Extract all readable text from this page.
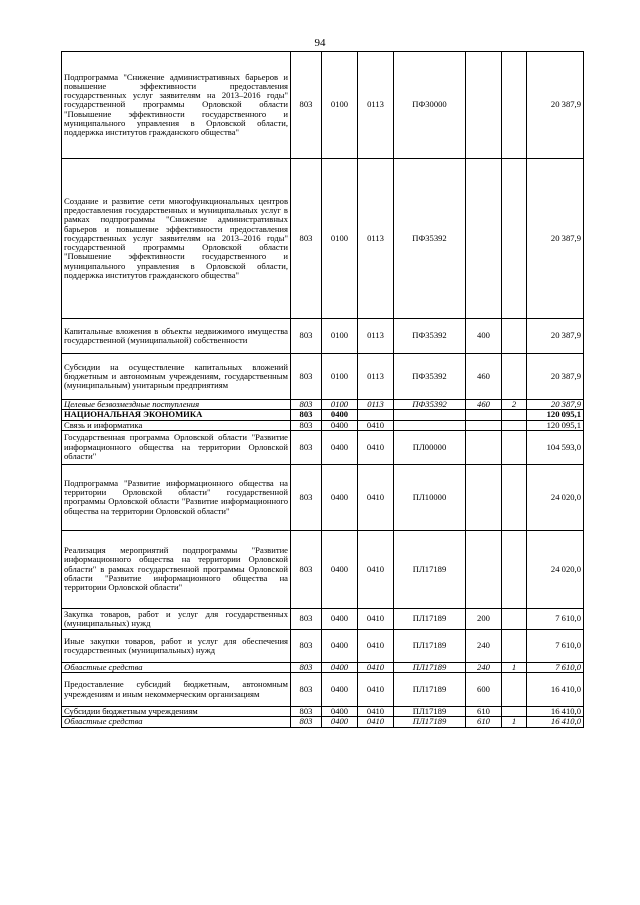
94
Подпрограмма "Снижение административных барьеров и повышение эффективности предоставления государственных услуг заявителям на 2013–2016 годы" государственной программы Орловской области "Повышение эффективности государственного и муниципального управления в Орловской области, поддержка институтов гражданского общества"	803	0100	0113	ПФ30000			20 387,9
Создание и развитие сети многофункциональных центров предоставления государственных и муниципальных услуг в рамках подпрограммы "Снижение административных барьеров и повышение эффективности предоставления государственных услуг заявителям на 2013–2016 годы" государственной программы Орловской области "Повышение эффективности государственного и муниципального управления в Орловской области, поддержка институтов гражданского общества"	803	0100	0113	ПФ35392			20 387,9
Капитальные вложения в объекты недвижимого имущества государственной (муниципальной) собственности	803	0100	0113	ПФ35392	400		20 387,9
Субсидии на осуществление капитальных вложений бюджетным и автономным учреждениям, государственным (муниципальным) унитарным предприятиям	803	0100	0113	ПФ35392	460		20 387,9
Целевые безвозмездные поступления	803	0100	0113	ПФ35392	460	2	20 387,9
НАЦИОНАЛЬНАЯ ЭКОНОМИКА	803	0400					120 095,1
Связь и информатика	803	0400	0410				120 095,1
Государственная программа Орловской области "Развитие информационного общества на территории Орловской области"	803	0400	0410	ПЛ00000			104 593,0
Подпрограмма "Развитие информационного общества на территории Орловской области" государственной программы Орловской области "Развитие информационного общества на территории Орловской области"	803	0400	0410	ПЛ10000			24 020,0
Реализация мероприятий подпрограммы "Развитие информационного общества на территории Орловской области" в рамках государственной программы Орловской области "Развитие информационного общества на территории Орловской области"	803	0400	0410	ПЛ17189			24 020,0
Закупка товаров, работ и услуг для государственных (муниципальных) нужд	803	0400	0410	ПЛ17189	200		7 610,0
Иные закупки товаров, работ и услуг для обеспечения государственных (муниципальных) нужд	803	0400	0410	ПЛ17189	240		7 610,0
Областные средства	803	0400	0410	ПЛ17189	240	1	7 610,0
Предоставление субсидий бюджетным, автономным учреждениям и иным некоммерческим организациям	803	0400	0410	ПЛ17189	600		16 410,0
Субсидии бюджетным учреждениям	803	0400	0410	ПЛ17189	610		16 410,0
Областные средства	803	0400	0410	ПЛ17189	610	1	16 410,0
